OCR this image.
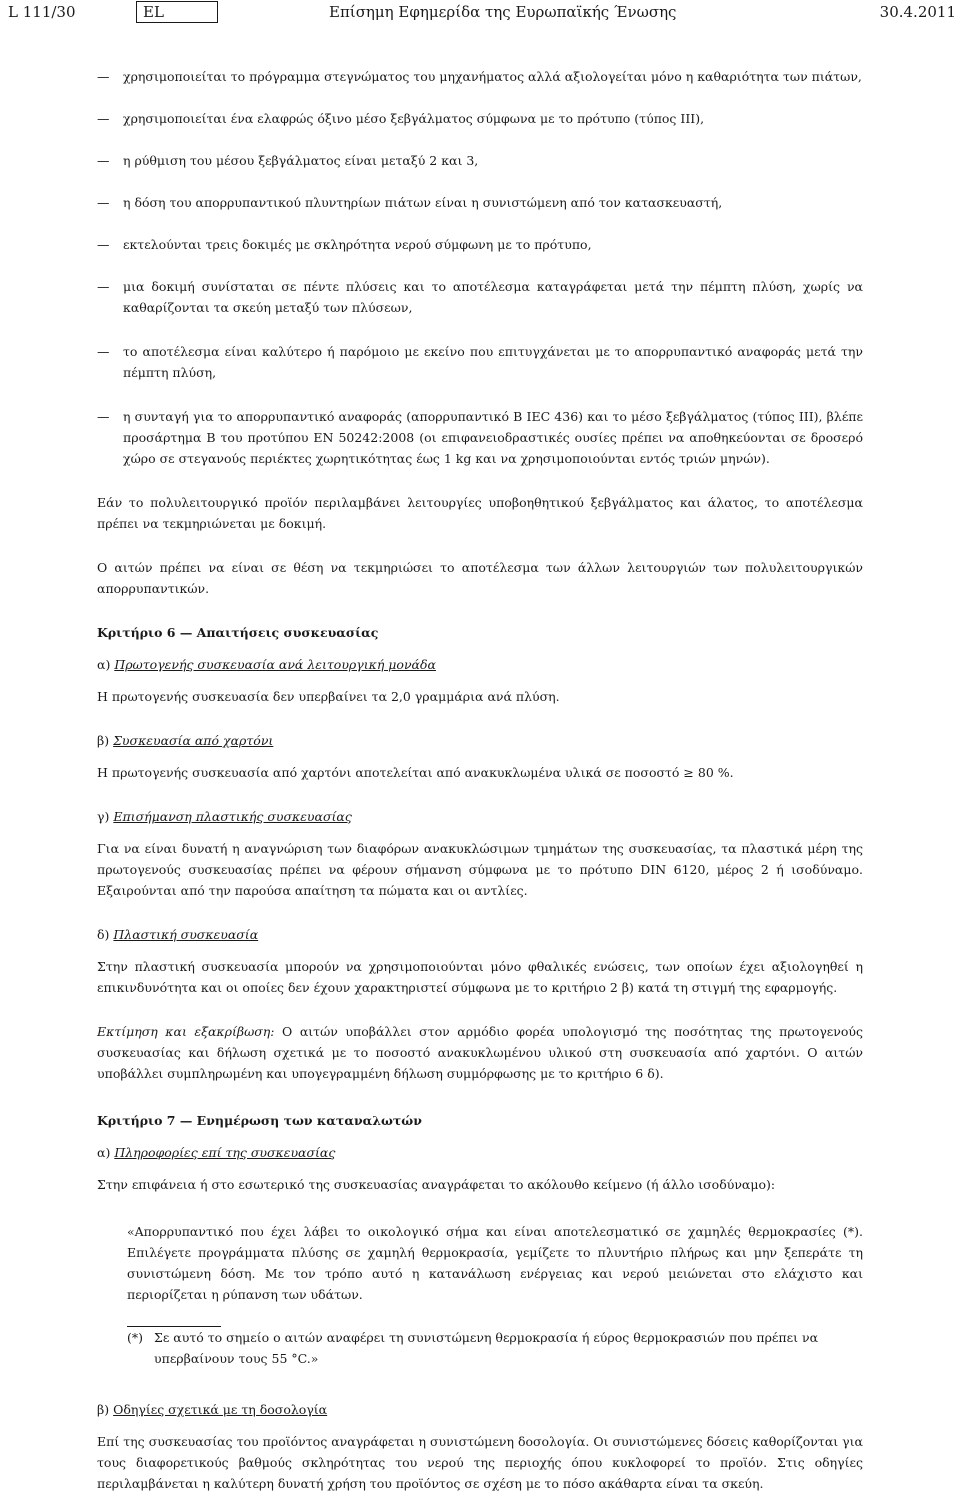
L 111/30	EL	Επίσημη Εφημερίδα της Ευρωπαϊκής Ένωσης	30.4.2011
— χρησιμοποιείται το πρόγραμμα στεγνώματος του μηχανήματος αλλά αξιολογείται μόνο η καθαριότητα των πιάτων,
— χρησιμοποιείται ένα ελαφρώς όξινο μέσο ξεβγάλματος σύμφωνα με το πρότυπο (τύπος III),
— η ρύθμιση του μέσου ξεβγάλματος είναι μεταξύ 2 και 3,
— η δόση του απορρυπαντικού πλυντηρίων πιάτων είναι η συνιστώμενη από τον κατασκευαστή,
— εκτελούνται τρεις δοκιμές με σκληρότητα νερού σύμφωνη με το πρότυπο,
— μια δοκιμή συνίσταται σε πέντε πλύσεις και το αποτέλεσμα καταγράφεται μετά την πέμπτη πλύση, χωρίς να καθαρίζονται τα σκεύη μεταξύ των πλύσεων,
— το αποτέλεσμα είναι καλύτερο ή παρόμοιο με εκείνο που επιτυγχάνεται με το απορρυπαντικό αναφοράς μετά την πέμπτη πλύση,
— η συνταγή για το απορρυπαντικό αναφοράς (απορρυπαντικό B IEC 436) και το μέσο ξεβγάλματος (τύπος III), βλέπε προσάρτημα B του προτύπου EN 50242:2008 (οι επιφανειοδραστικές ουσίες πρέπει να αποθηκεύονται σε δροσερό χώρο σε στεγανούς περιέκτες χωρητικότητας έως 1 kg και να χρησιμοποιούνται εντός τριών μηνών).

Εάν το πολυλειτουργικό προϊόν περιλαμβάνει λειτουργίες υποβοηθητικού ξεβγάλματος και άλατος, το αποτέλεσμα πρέπει να τεκμηριώνεται με δοκιμή.

Ο αιτών πρέπει να είναι σε θέση να τεκμηριώσει το αποτέλεσμα των άλλων λειτουργιών των πολυλειτουργικών απορρυπαντικών.

Κριτήριο 6 — Απαιτήσεις συσκευασίας

α) Πρωτογενής συσκευασία ανά λειτουργική μονάδα

Η πρωτογενής συσκευασία δεν υπερβαίνει τα 2,0 γραμμάρια ανά πλύση.

β) Συσκευασία από χαρτόνι

Η πρωτογενής συσκευασία από χαρτόνι αποτελείται από ανακυκλωμένα υλικά σε ποσοστό ≥ 80 %.

γ) Επισήμανση πλαστικής συσκευασίας

Για να είναι δυνατή η αναγνώριση των διαφόρων ανακυκλώσιμων τμημάτων της συσκευασίας, τα πλαστικά μέρη της πρωτογενούς συσκευασίας πρέπει να φέρουν σήμανση σύμφωνα με το πρότυπο DIN 6120, μέρος 2 ή ισοδύναμο. Εξαιρούνται από την παρούσα απαίτηση τα πώματα και οι αντλίες.

δ) Πλαστική συσκευασία

Στην πλαστική συσκευασία μπορούν να χρησιμοποιούνται μόνο φθαλικές ενώσεις, των οποίων έχει αξιολογηθεί η επικινδυνότητα και οι οποίες δεν έχουν χαρακτηριστεί σύμφωνα με το κριτήριο 2 β) κατά τη στιγμή της εφαρμογής.

Εκτίμηση και εξακρίβωση: Ο αιτών υποβάλλει στον αρμόδιο φορέα υπολογισμό της ποσότητας της πρωτογενούς συσκευασίας και δήλωση σχετικά με το ποσοστό ανακυκλωμένου υλικού στη συσκευασία από χαρτόνι. Ο αιτών υποβάλλει συμπληρωμένη και υπογεγραμμένη δήλωση συμμόρφωσης με το κριτήριο 6 δ).

Κριτήριο 7 — Ενημέρωση των καταναλωτών

α) Πληροφορίες επί της συσκευασίας

Στην επιφάνεια ή στο εσωτερικό της συσκευασίας αναγράφεται το ακόλουθο κείμενο (ή άλλο ισοδύναμο):

«Απορρυπαντικό που έχει λάβει το οικολογικό σήμα και είναι αποτελεσματικό σε χαμηλές θερμοκρασίες (*). Επιλέγετε προγράμματα πλύσης σε χαμηλή θερμοκρασία, γεμίζετε το πλυντήριο πλήρως και μην ξεπεράτε τη συνιστώμενη δόση. Με τον τρόπο αυτό η κατανάλωση ενέργειας και νερού μειώνεται στο ελάχιστο και περιορίζεται η ρύπανση των υδάτων.

(*) Σε αυτό το σημείο ο αιτών αναφέρει τη συνιστώμενη θερμοκρασία ή εύρος θερμοκρασιών που πρέπει να υπερβαίνουν τους 55 °C.»

β) Οδηγίες σχετικά με τη δοσολογία

Επί της συσκευασίας του προϊόντος αναγράφεται η συνιστώμενη δοσολογία. Οι συνιστώμενες δόσεις καθορίζονται για τους διαφορετικούς βαθμούς σκληρότητας του νερού της περιοχής όπου κυκλοφορεί το προϊόν. Στις οδηγίες περιλαμβάνεται η καλύτερη δυνατή χρήση του προϊόντος σε σχέση με το πόσο ακάθαρτα είναι τα σκεύη.
